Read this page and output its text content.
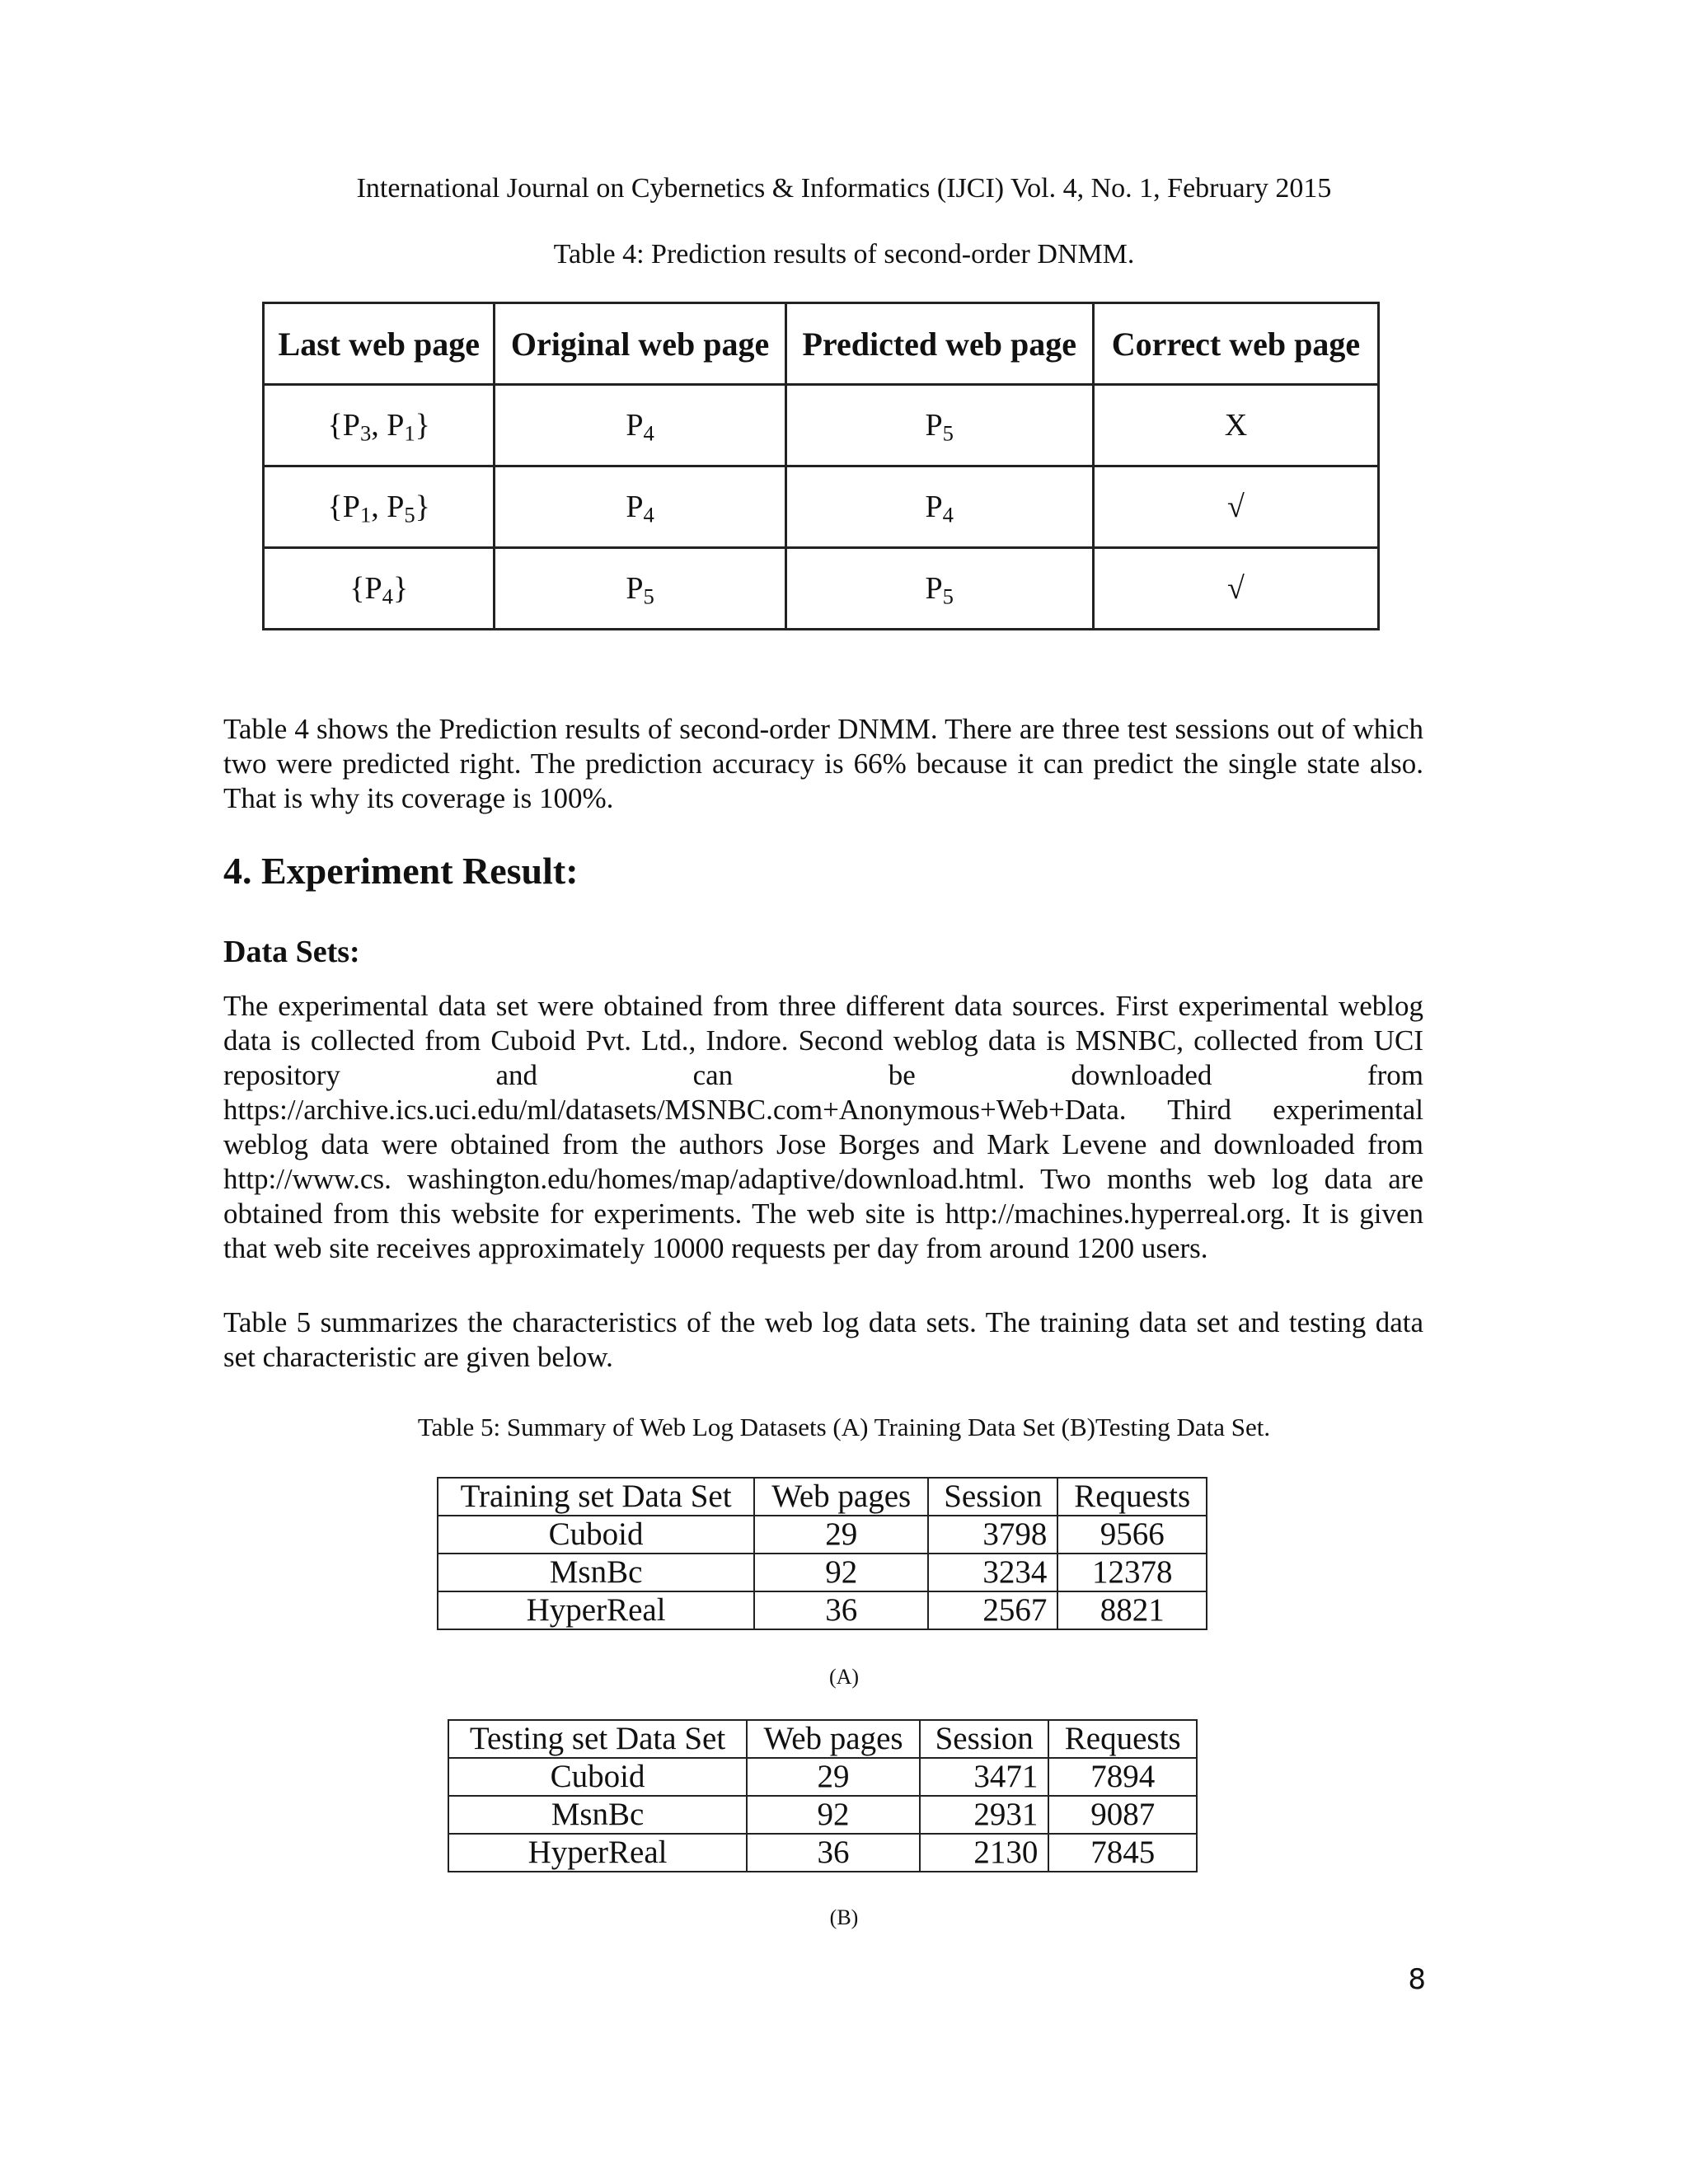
International Journal on Cybernetics & Informatics (IJCI) Vol. 4, No. 1, February 2015
Table 4: Prediction results of second-order DNMM.
Last web page	Original web page	Predicted web page	Correct web page
{$P_3$, $P_1$}	$P_4$	$P_5$	X
{$P_1$, $P_5$}	$P_4$	$P_4$	√
$\{P_4\}$	$P_5$	$P_5$	√

Table 4 shows the Prediction results of second-order DNMM. There are three test sessions out of which two were predicted right. The prediction accuracy is 66% because it can predict the single state also. That is why its coverage is 100%.

4. Experiment Result:
Data Sets:

The experimental data set were obtained from three different data sources. First experimental weblog data is collected from Cuboid Pvt. Ltd., Indore. Second weblog data is MSNBC, collected from UCI repository and can be downloaded from

https://archive.ics.uci.edu/ml/datasets/MSNBC.com+Anonymous+Web+Data. Third experimental weblog data were obtained from the authors Jose Borges and Mark Levene and downloaded from http://www.cs. washington.edu/homes/map/adaptive/download.html. Two months web log data are obtained from this website for experiments. The web site is http://machines.hyperreal.org. It is given that web site receives approximately 10000 requests per day from around 1200 users.

Table 5 summarizes the characteristics of the web log data sets. The training data set and testing data set characteristic are given below.

Table 5: Summary of Web Log Datasets (A) Training Data Set (B)Testing Data Set.
Training set Data Set	Web pages	Session	Requests
Cuboid	29	3798	9566
MsnBc	92	3234	12378
HyperReal	36	2567	8821
(A)
Testing set Data Set	Web pages	Session	Requests
Cuboid	29	3471	7894
MsnBc	92	2931	9087
HyperReal	36	2130	7845
(B)
8
